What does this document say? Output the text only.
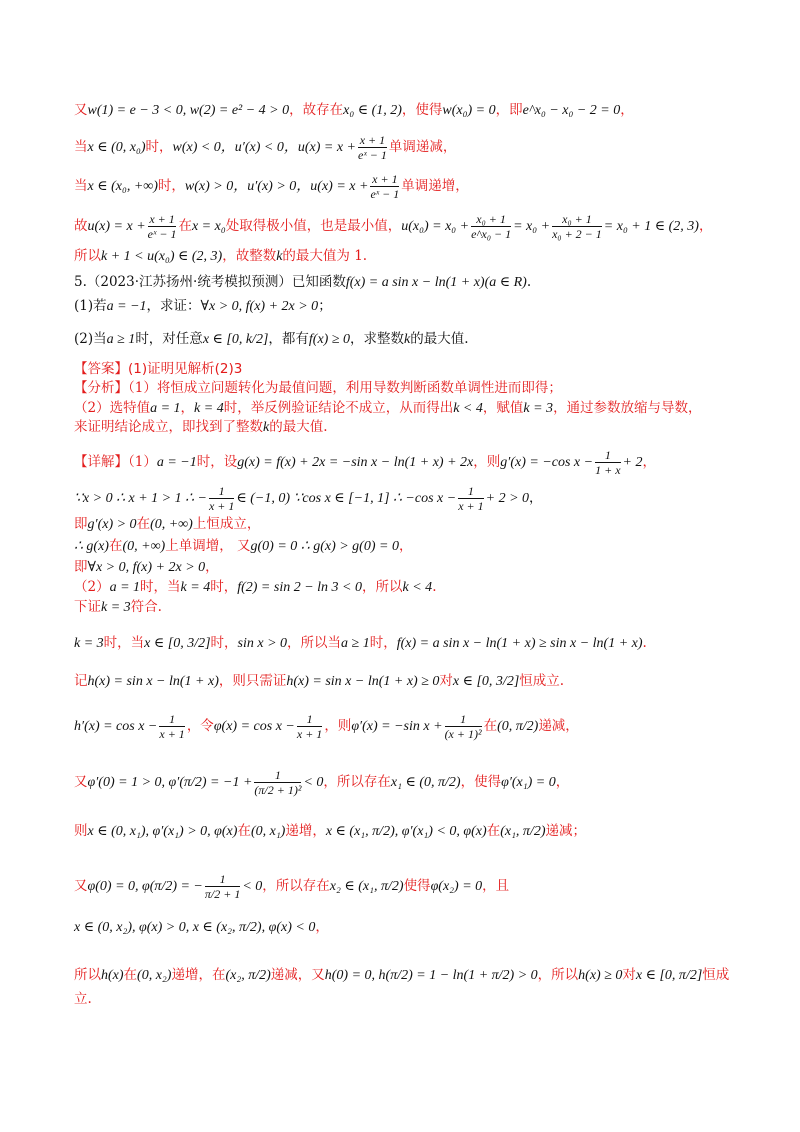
又w(1) = e − 3 < 0, w(2) = e² − 4 > 0，故存在x₀ ∈ (1, 2)，使得w(x₀) = 0，即e^x₀ − x₀ − 2 = 0，
当x ∈ (0, x₀)时，w(x) < 0，u′(x) < 0，$u(x) = x + \frac{x + 1}{\text{eˣ − 1}}$ 单调递减，
当x ∈ (x₀, +∞)时，w(x) > 0，u′(x) > 0，$u(x) = x + \frac{x + 1}{\text{eˣ − 1}}$ 单调递增，
故$u(x) = x + \frac{x + 1}{\text{eˣ − 1}}$ 在x = x₀处取得极小值，也是最小值，$u(x_0) = x_0 + \frac{\text{x₀ + 1}}{\text{e\textasciicircum{}x₀ − 1}} = x_0 + \frac{\text{x₀ + 1}}{\text{x₀ + 2 − 1}} = x_0 + 1$ ∈ (2, 3)，
所以k + 1 < u(x₀) ∈ (2, 3)，故整数k的最大值为 1.
5.（2023·江苏扬州·统考模拟预测）已知函数f(x) = a sin x − ln(1 + x)(a ∈ R).
(1)若a = −1，求证：∀x > 0, f(x) + 2x > 0；
(2)当a ≥ 1时，对任意x ∈ [0, k/2]，都有f(x) ≥ 0，求整数k的最大值.
【答案】(1)证明见解析(2)3
【分析】（1）将恒成立问题转化为最值问题，利用导数判断函数单调性进而即得；
（2）选特值a = 1，k = 4时，举反例验证结论不成立，从而得出k < 4，赋值k = 3，通过参数放缩与导数，
来证明结论成立，即找到了整数k的最大值.
【详解】（1）a = −1时，设g(x) = f(x) + 2x = −sin x − ln(1 + x) + 2x，则g′(x) = −cos $x - \frac{1}{1 + x} + 2$，
∵x > 0 ∴ x + 1 > 1 ∴ − $\frac{1}{x + 1}$ ∈ (−1, 0) ∵cos x ∈ [−1, 1] ∴ −cos $x - \frac{1}{x + 1} + 2 > 0$，
即g′(x) > 0在(0, +∞)上恒成立，
∴ g(x)在(0, +∞)上单调增， 又g(0) = 0 ∴ g(x) > g(0) = 0，
即∀x > 0, f(x) + 2x > 0，
（2）a = 1时，当k = 4时，f(2) = sin 2 − ln 3 < 0，所以k < 4.
下证k = 3符合.
k = 3时，当x ∈ [0, 3/2]时，sin x > 0，所以当a ≥ 1时，f(x) = a sin x − ln(1 + x) ≥ sin x − ln(1 + x).
记h(x) = sin x − ln(1 + x)，则只需证h(x) = sin x − ln(1 + x) ≥ 0对x ∈ [0, 3/2]恒成立.
$h'(x) = \cos x - \frac{1}{x + 1}$ ，令$\varphi(x) = \cos x - \frac{1}{x + 1}$ ，则φ′(x) = −sin $x + \frac{1}{\text{(x + 1)²}}$ 在(0, π/2)递减，
又φ′(0) = 1 > 0, $\varphi'(\pi/2) = -1 + \frac{1}{\text{(π/2 + 1)²}} < 0$，所以存在x₁ ∈ (0, π/2)，使得φ′(x₁) = 0，
则x ∈ (0, x₁), φ′(x₁) > 0, φ(x)在(0, x₁)递增，x ∈ (x₁, π/2), φ′(x₁) < 0, φ(x)在(x₁, π/2)递减；
又φ(0) = 0, φ(π/2) = − $\frac{1}{\pi/2 + 1} < 0$，所以存在x₂ ∈ (x₁, π/2)使得φ(x₂) = 0，且
x ∈ (0, x₂), φ(x) > 0, x ∈ (x₂, π/2), φ(x) < 0，
所以h(x)在(0, x₂)递增，在(x₂, π/2)递减，又h(0) = 0, h(π/2) = 1 − ln(1 + π/2) > 0，所以h(x) ≥ 0对x ∈ [0, π/2]恒成
立.
